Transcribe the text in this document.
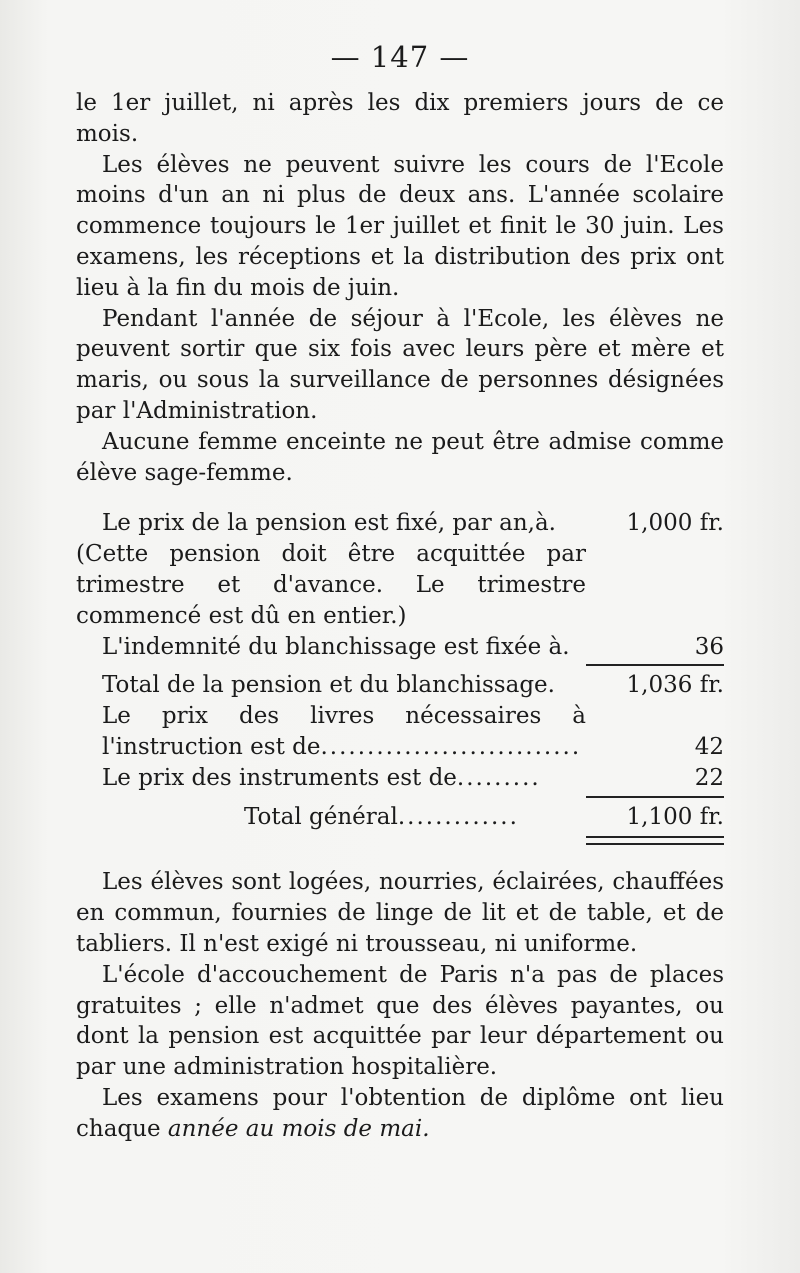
— 147 —

le 1er juillet, ni après les dix premiers jours de ce mois.

Les élèves ne peuvent suivre les cours de l'Ecole moins d'un an ni plus de deux ans. L'année scolaire commence toujours le 1er juillet et finit le 30 juin. Les examens, les réceptions et la distribution des prix ont lieu à la fin du mois de juin.

Pendant l'année de séjour à l'Ecole, les élèves ne peuvent sortir que six fois avec leurs père et mère et maris, ou sous la surveillance de personnes désignées par l'Administration.

Aucune femme enceinte ne peut être admise comme élève sage-femme.

Le prix de la pension est fixé, par an,à.	1,000 fr.
(Cette pension doit être acquittée par trimestre et d'avance. Le trimestre commencé est dû en entier.)
L'indemnité du blanchissage est fixée à.	36
Total de la pension et du blanchissage.	1,036 fr.
Le prix des livres nécessaires à l'instruction est de............................	42
Le prix des instruments est de.........	22
Total général.............	1,100 fr.

Les élèves sont logées, nourries, éclairées, chauffées en commun, fournies de linge de lit et de table, et de tabliers. Il n'est exigé ni trousseau, ni uniforme.

L'école d'accouchement de Paris n'a pas de places gratuites ; elle n'admet que des élèves payantes, ou dont la pension est acquittée par leur département ou par une administration hospitalière.

Les examens pour l'obtention de diplôme ont lieu chaque année au mois de mai.
